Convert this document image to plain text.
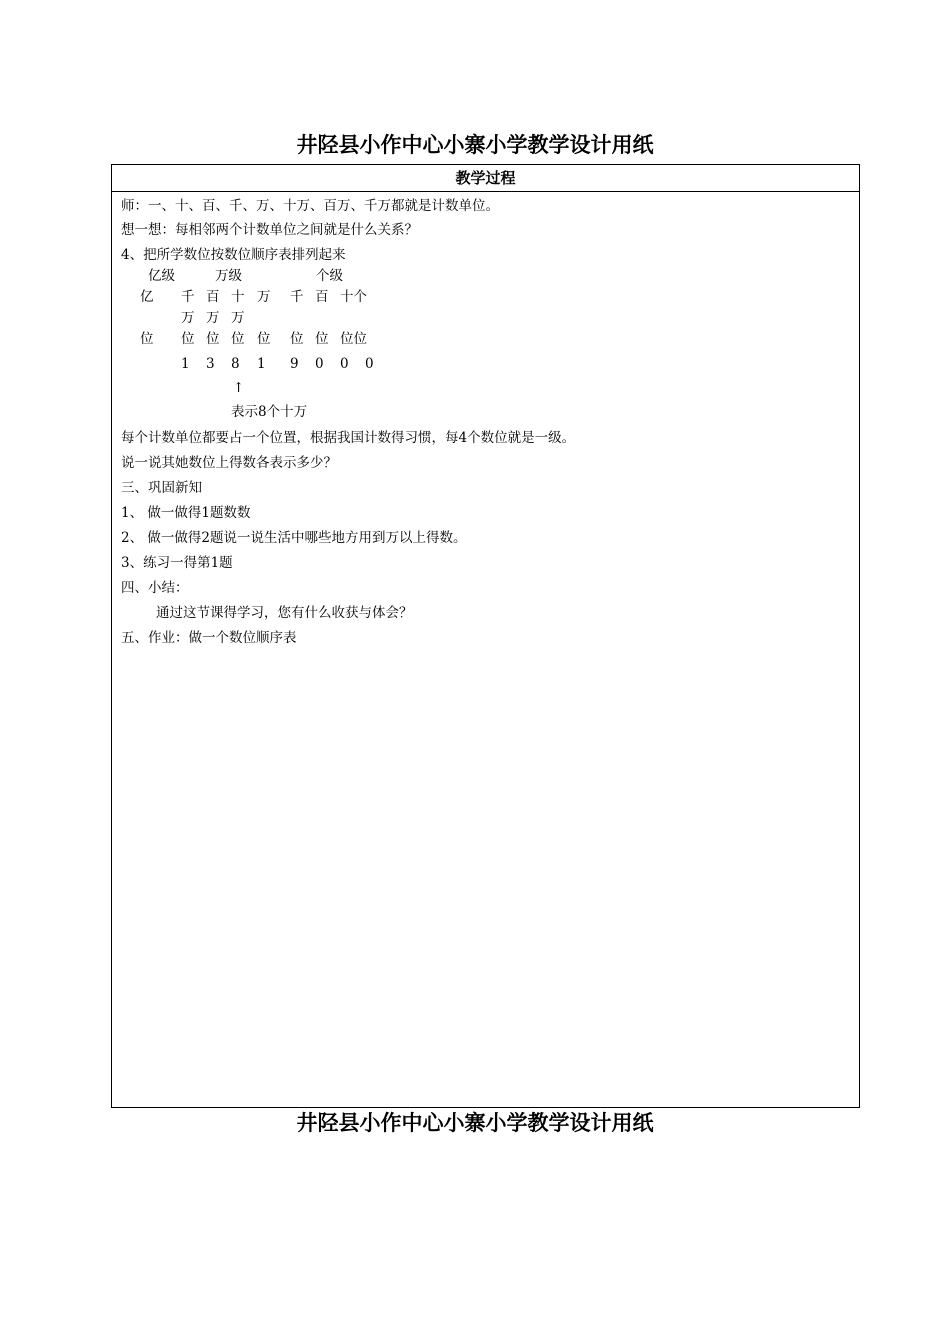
井陉县小作中心小寨小学教学设计用纸
教学过程
师：一、十、百、千、万、十万、百万、千万都就是计数单位。
想一想：每相邻两个计数单位之间就是什么关系？
4、把所学数位按数位顺序表排列起来
亿级	万级	个级
亿 千 百 十 万 千 百 十个
万 万 万
位 位 位 位 位 位 位 位位
1 3 8 1 9 0 0 0
↑
表示8个十万
每个计数单位都要占一个位置，根据我国计数得习惯，每4个数位就是一级。
说一说其她数位上得数各表示多少？
三、巩固新知
1、 做一做得1题数数
2、 做一做得2题说一说生活中哪些地方用到万以上得数。
3、练习一得第1题
四、小结：
通过这节课得学习，您有什么收获与体会？
五、作业：做一个数位顺序表
井陉县小作中心小寨小学教学设计用纸
